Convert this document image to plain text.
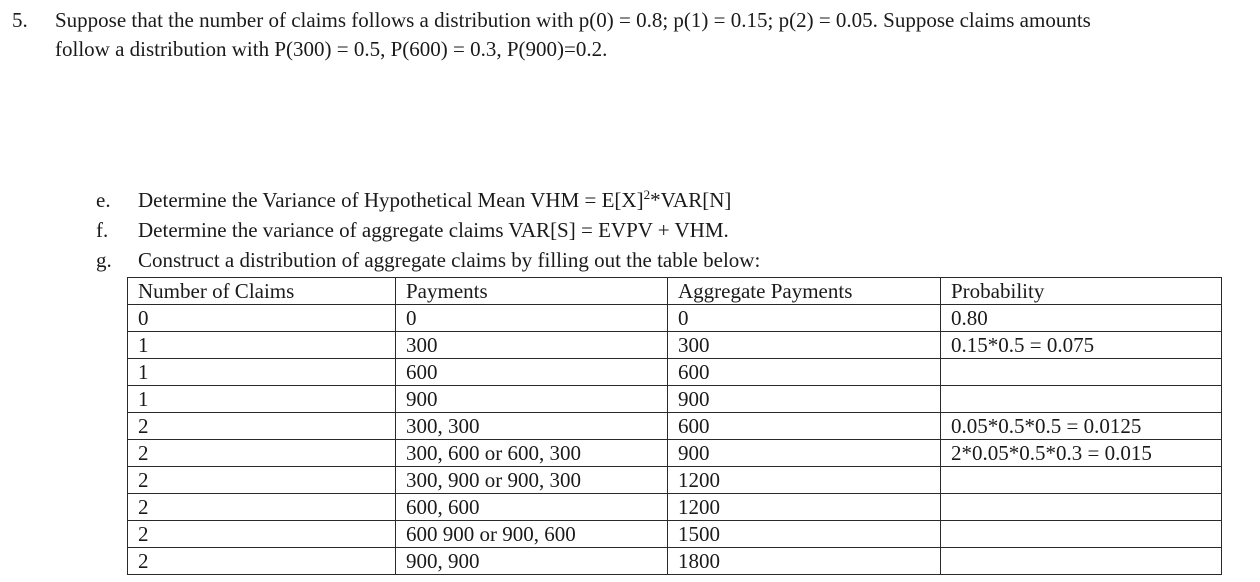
5. Suppose that the number of claims follows a distribution with p(0) = 0.8; p(1) = 0.15; p(2) = 0.05. Suppose claims amounts

follow a distribution with P(300) = 0.5, P(600) = 0.3, P(900)=0.2.

e. Determine the Variance of Hypothetical Mean VHM = $E[X]^2*VAR[N]$
f. Determine the variance of aggregate claims VAR[S] = EVPV + VHM.
g. Construct a distribution of aggregate claims by filling out the table below:
Number of Claims	Payments	Aggregate Payments	Probability
0	0	0	0.80
1	300	300	0.15*0.5 = 0.075
1	600	600	
1	900	900	
2	300, 300	600	0.05*0.5*0.5 = 0.0125
2	300, 600 or 600, 300	900	2*0.05*0.5*0.3 = 0.015
2	300, 900 or 900, 300	1200	
2	600, 600	1200	
2	600 900 or 900, 600	1500	
2	900, 900	1800	
